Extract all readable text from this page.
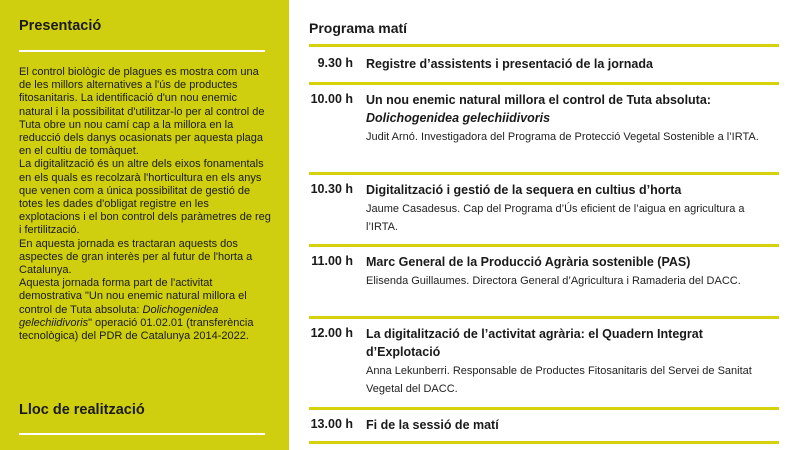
Presentació

El control biològic de plagues es mostra com una de les millors alternatives a l'ús de productes fitosanitaris. La identificació d'un nou enemic natural i la possibilitat d'utilitzar-lo per al control de Tuta obre un nou camí cap a la millora en la reducció dels danys ocasionats per aquesta plaga en el cultiu de tomàquet.

La digitalització és un altre dels eixos fonamentals en els quals es recolzarà l'horticultura en els anys que venen com a única possibilitat de gestió de totes les dades d'obligat registre en les explotacions i el bon control dels paràmetres de reg i fertilització.

En aquesta jornada es tractaran aquests dos aspectes de gran interès per al futur de l'horta a Catalunya.

Aquesta jornada forma part de l'activitat demostrativa "Un nou enemic natural millora el control de Tuta absoluta: Dolichogenidea gelechiidivoris" operació 01.02.01 (transferència tecnològica) del PDR de Catalunya 2014-2022.

Lloc de realització
Programa matí
9.30 h Registre d’assistents i presentació de la jornada

10.00 h Un nou enemic natural millora el control de Tuta absoluta:

Dolichogenidea gelechiidivoris

Judit Arnó. Investigadora del Programa de Protecció Vegetal Sostenible a l’IRTA.

10.30 h Digitalització i gestió de la sequera en cultius d’horta

Jaume Casadesus. Cap del Programa d’Ús eficient de l’aigua en agricultura a l’IRTA.

11.00 h Marc General de la Producció Agrària sostenible (PAS)

Elisenda Guillaumes. Directora General d’Agricultura i Ramaderia del DACC.

12.00 h La digitalització de l’activitat agrària: el Quadern Integrat d’Explotació

Anna Lekunberri. Responsable de Productes Fitosanitaris del Servei de Sanitat Vegetal del DACC.

13.00 h Fi de la sessió de matí
